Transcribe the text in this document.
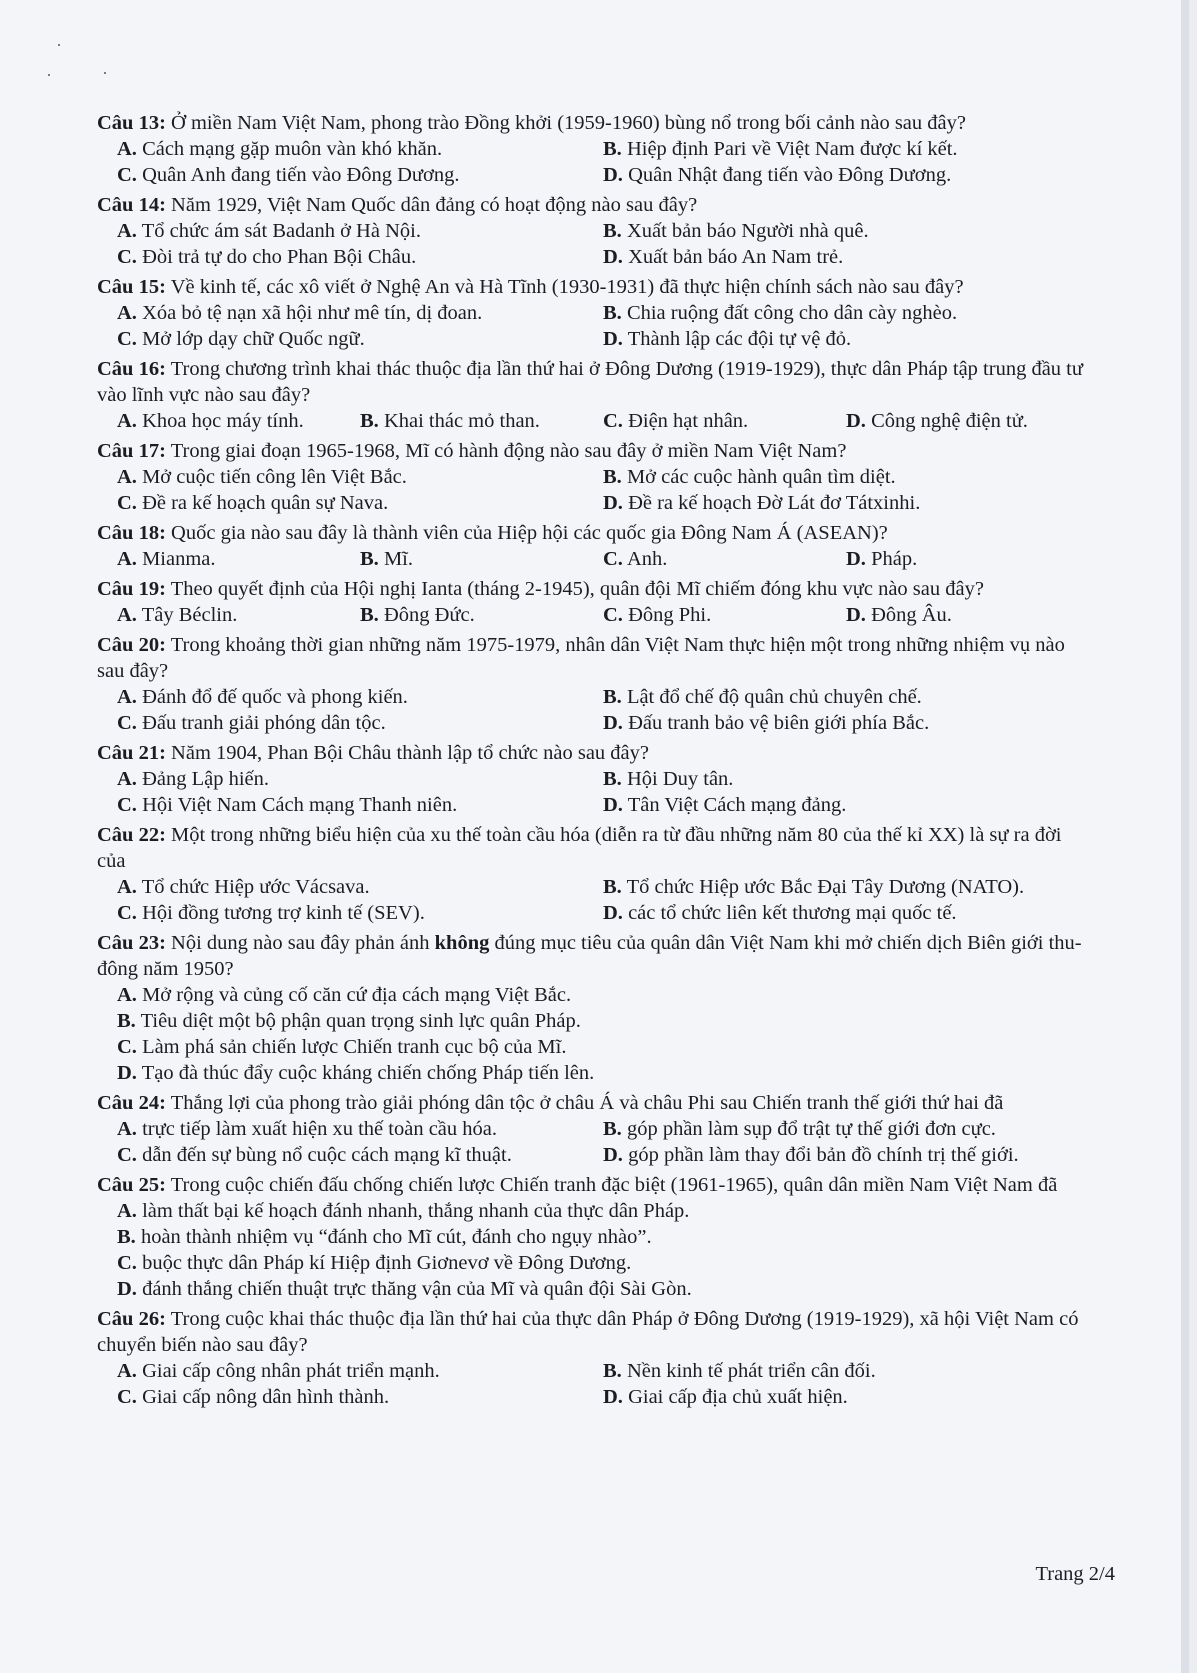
Câu 13: Ở miền Nam Việt Nam, phong trào Đồng khởi (1959-1960) bùng nổ trong bối cảnh nào sau đây?
A. Cách mạng gặp muôn vàn khó khăn.	B. Hiệp định Pari về Việt Nam được kí kết.
C. Quân Anh đang tiến vào Đông Dương.	D. Quân Nhật đang tiến vào Đông Dương.
Câu 14: Năm 1929, Việt Nam Quốc dân đảng có hoạt động nào sau đây?
A. Tổ chức ám sát Badanh ở Hà Nội.	B. Xuất bản báo Người nhà quê.
C. Đòi trả tự do cho Phan Bội Châu.	D. Xuất bản báo An Nam trẻ.
Câu 15: Về kinh tế, các xô viết ở Nghệ An và Hà Tĩnh (1930-1931) đã thực hiện chính sách nào sau đây?
A. Xóa bỏ tệ nạn xã hội như mê tín, dị đoan.	B. Chia ruộng đất công cho dân cày nghèo.
C. Mở lớp dạy chữ Quốc ngữ.	D. Thành lập các đội tự vệ đỏ.
Câu 16: Trong chương trình khai thác thuộc địa lần thứ hai ở Đông Dương (1919-1929), thực dân Pháp tập trung đầu tư vào lĩnh vực nào sau đây?
A. Khoa học máy tính.	B. Khai thác mỏ than.	C. Điện hạt nhân.	D. Công nghệ điện tử.
Câu 17: Trong giai đoạn 1965-1968, Mĩ có hành động nào sau đây ở miền Nam Việt Nam?
A. Mở cuộc tiến công lên Việt Bắc.	B. Mở các cuộc hành quân tìm diệt.
C. Đề ra kế hoạch quân sự Nava.	D. Đề ra kế hoạch Đờ Lát đơ Tátxinhi.
Câu 18: Quốc gia nào sau đây là thành viên của Hiệp hội các quốc gia Đông Nam Á (ASEAN)?
A. Mianma.	B. Mĩ.	C. Anh.	D. Pháp.
Câu 19: Theo quyết định của Hội nghị Ianta (tháng 2-1945), quân đội Mĩ chiếm đóng khu vực nào sau đây?
A. Tây Béclin.	B. Đông Đức.	C. Đông Phi.	D. Đông Âu.
Câu 20: Trong khoảng thời gian những năm 1975-1979, nhân dân Việt Nam thực hiện một trong những nhiệm vụ nào sau đây?
A. Đánh đổ đế quốc và phong kiến.	B. Lật đổ chế độ quân chủ chuyên chế.
C. Đấu tranh giải phóng dân tộc.	D. Đấu tranh bảo vệ biên giới phía Bắc.
Câu 21: Năm 1904, Phan Bội Châu thành lập tổ chức nào sau đây?
A. Đảng Lập hiến.	B. Hội Duy tân.
C. Hội Việt Nam Cách mạng Thanh niên.	D. Tân Việt Cách mạng đảng.
Câu 22: Một trong những biểu hiện của xu thế toàn cầu hóa (diễn ra từ đầu những năm 80 của thế kỉ XX) là sự ra đời của
A. Tổ chức Hiệp ước Vácsava.	B. Tổ chức Hiệp ước Bắc Đại Tây Dương (NATO).
C. Hội đồng tương trợ kinh tế (SEV).	D. các tổ chức liên kết thương mại quốc tế.
Câu 23: Nội dung nào sau đây phản ánh không đúng mục tiêu của quân dân Việt Nam khi mở chiến dịch Biên giới thu-đông năm 1950?
A. Mở rộng và củng cố căn cứ địa cách mạng Việt Bắc.
B. Tiêu diệt một bộ phận quan trọng sinh lực quân Pháp.
C. Làm phá sản chiến lược Chiến tranh cục bộ của Mĩ.
D. Tạo đà thúc đẩy cuộc kháng chiến chống Pháp tiến lên.
Câu 24: Thắng lợi của phong trào giải phóng dân tộc ở châu Á và châu Phi sau Chiến tranh thế giới thứ hai đã
A. trực tiếp làm xuất hiện xu thế toàn cầu hóa.	B. góp phần làm sụp đổ trật tự thế giới đơn cực.
C. dẫn đến sự bùng nổ cuộc cách mạng kĩ thuật.	D. góp phần làm thay đổi bản đồ chính trị thế giới.
Câu 25: Trong cuộc chiến đấu chống chiến lược Chiến tranh đặc biệt (1961-1965), quân dân miền Nam Việt Nam đã
A. làm thất bại kế hoạch đánh nhanh, thắng nhanh của thực dân Pháp.
B. hoàn thành nhiệm vụ “đánh cho Mĩ cút, đánh cho ngụy nhào”.
C. buộc thực dân Pháp kí Hiệp định Giơnevơ về Đông Dương.
D. đánh thắng chiến thuật trực thăng vận của Mĩ và quân đội Sài Gòn.
Câu 26: Trong cuộc khai thác thuộc địa lần thứ hai của thực dân Pháp ở Đông Dương (1919-1929), xã hội Việt Nam có chuyển biến nào sau đây?
A. Giai cấp công nhân phát triển mạnh.	B. Nền kinh tế phát triển cân đối.
C. Giai cấp nông dân hình thành.	D. Giai cấp địa chủ xuất hiện.
Trang 2/4
